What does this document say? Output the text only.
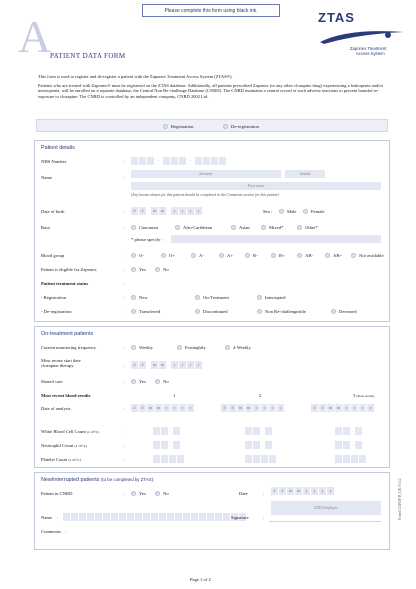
A
PATIENT DATA FORM
Please complete this form using black ink.	ZTAS
Zaponex Treatment
Access System

This form is used to register and de-register a patient with the Zaponex Treatment Access System (ZTAS®).

Patients who are treated with Zaponex® must be registered on the ZTAS database. Additionally, all patients prescribed Zaponex (or any other clozapine drug) experiencing a leukopenia and/or neutropenia, will be enrolled on a separate database, the Central Non Re-challenge Database (CNRD). The CNRD maintains a central record of such adverse reactions to prevent harmful re-exposure to clozapine. The CNRD is controlled by an independent company, CNRD 2002 Ltd.

Registration	De-registration
Patient details
NHS Number	:	-	-
Name	:
Surname	Initials
First name
(Any known aliases for this patient should be completed in the Comments section for this patient)
Date of birth	:	d	d	m	m	y	y	y	y	Sex :	Male	Female
Race	:	Caucasian	Afro-Caribbean	Asian	Mixed*	Other*
* please specify :
Blood group	:	O-	O+	A-	A+	B-	B+	AB-	AB+	Not available
Patient is eligible for Zaponex	:	Yes	No
Patient treatment status	:
- Registration	:	New	On-Treatment	Interrupted
- De-registration	:	Transferred	Discontinued	Non Re-challengeable	Deceased
On-treatment patients
Current monitoring frequency	:	Weekly	Fortnightly	4-Weekly
Most recent start date
clozapine therapy	:	d	d	m	m	y	y	y	y
Shared care	:	Yes	No
Most recent blood results	1	2	3 (most recent)
Date of analysis	:	d	d	m	m	y	y	y	y	d	d	m	m	y	y	y	y	d	d	m	m	y	y	y	y
White Blood Cell Count (x 10⁹/L)	:	.	.	.
Neutrophil Count (x 10⁹/L)	:	.	.	.
Platelet Count (x 10⁹/L)	:
New/interrupted patients (to be completed by ZTAS):
Patient in CNRD	:	Yes	No	Date	:	d	d	m	m	y	y	y	y
ZTAS Employee
Name :	Signature	:
Comments :
Page 1 of 2
Form# ZAPDF-B_UK 01/12
